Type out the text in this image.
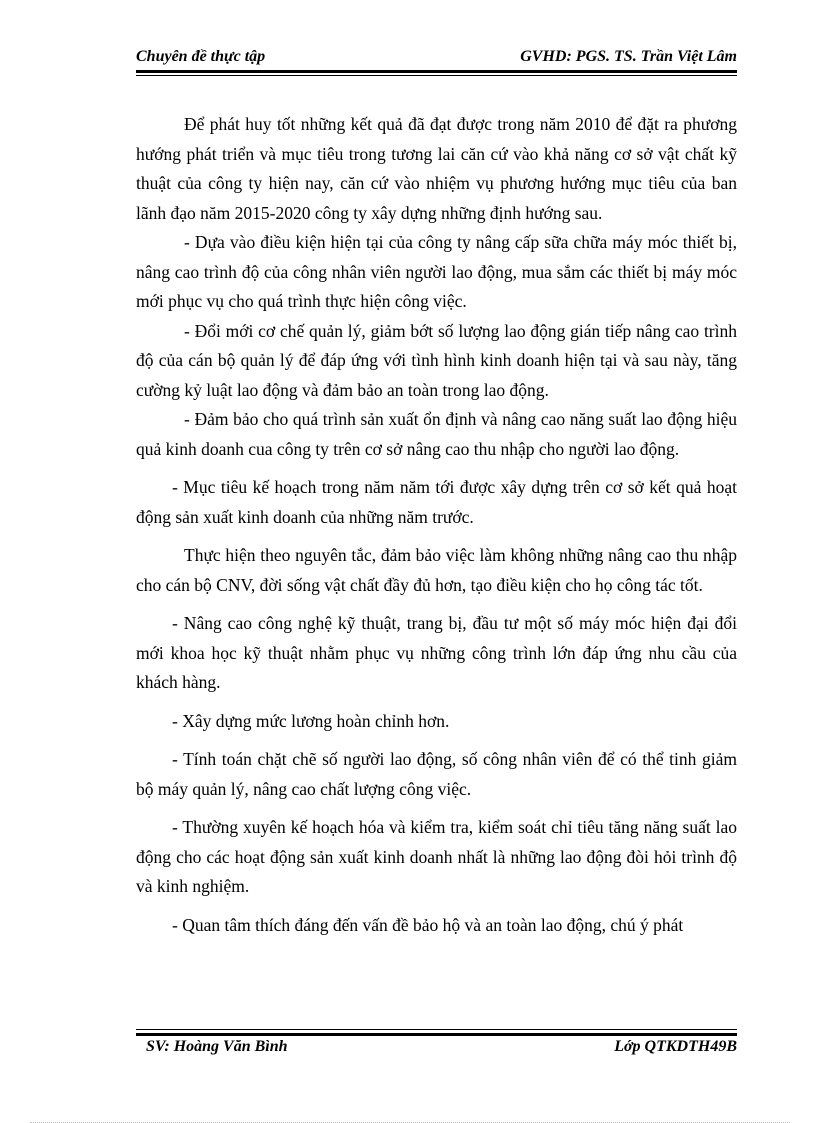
Chuyên đề thực tập	GVHD: PGS. TS. Trần Việt Lâm

Để phát huy tốt những kết quả đã đạt được trong năm 2010 để đặt ra phương hướng phát triển và mục tiêu trong tương lai căn cứ vào khả năng cơ sở vật chất kỹ thuật của công ty hiện nay, căn cứ vào nhiệm vụ phương hướng mục tiêu của ban lãnh đạo năm 2015-2020 công ty xây dựng những định hướng sau.

- Dựa vào điều kiện hiện tại của công ty nâng cấp sữa chữa máy móc thiết bị, nâng cao trình độ của công nhân viên người lao động, mua sắm các thiết bị máy móc mới phục vụ cho quá trình thực hiện công việc.

- Đổi mới cơ chế quản lý, giảm bớt số lượng lao động gián tiếp nâng cao trình độ của cán bộ quản lý để đáp ứng với tình hình kinh doanh hiện tại và sau này, tăng cường kỷ luật lao động và đảm bảo an toàn trong lao động.

- Đảm bảo cho quá trình sản xuất ổn định và nâng cao năng suất lao động hiệu quả kinh doanh cua công ty trên cơ sở nâng cao thu nhập cho người lao động.

- Mục tiêu kế hoạch trong năm năm tới được xây dựng trên cơ sở kết quả hoạt động sản xuất kinh doanh của những năm trước.

Thực hiện theo nguyên tắc, đảm bảo việc làm không những nâng cao thu nhập cho cán bộ CNV, đời sống vật chất đầy đủ hơn, tạo điều kiện cho họ công tác tốt.

- Nâng cao công nghệ kỹ thuật, trang bị, đầu tư một số máy móc hiện đại đổi mới khoa học kỹ thuật nhằm phục vụ những công trình lớn đáp ứng nhu cầu của khách hàng.

- Xây dựng mức lương hoàn chỉnh hơn.

- Tính toán chặt chẽ số người lao động, số công nhân viên để có thể tinh giảm bộ máy quản lý, nâng cao chất lượng công việc.

- Thường xuyên kế hoạch hóa và kiểm tra, kiểm soát chỉ tiêu tăng năng suất lao động cho các hoạt động sản xuất kinh doanh nhất là những lao động đòi hỏi trình độ và kinh nghiệm.

- Quan tâm thích đáng đến vấn đề bảo hộ và an toàn lao động, chú ý phát

SV: Hoàng Văn Bình	Lớp QTKDTH49B
